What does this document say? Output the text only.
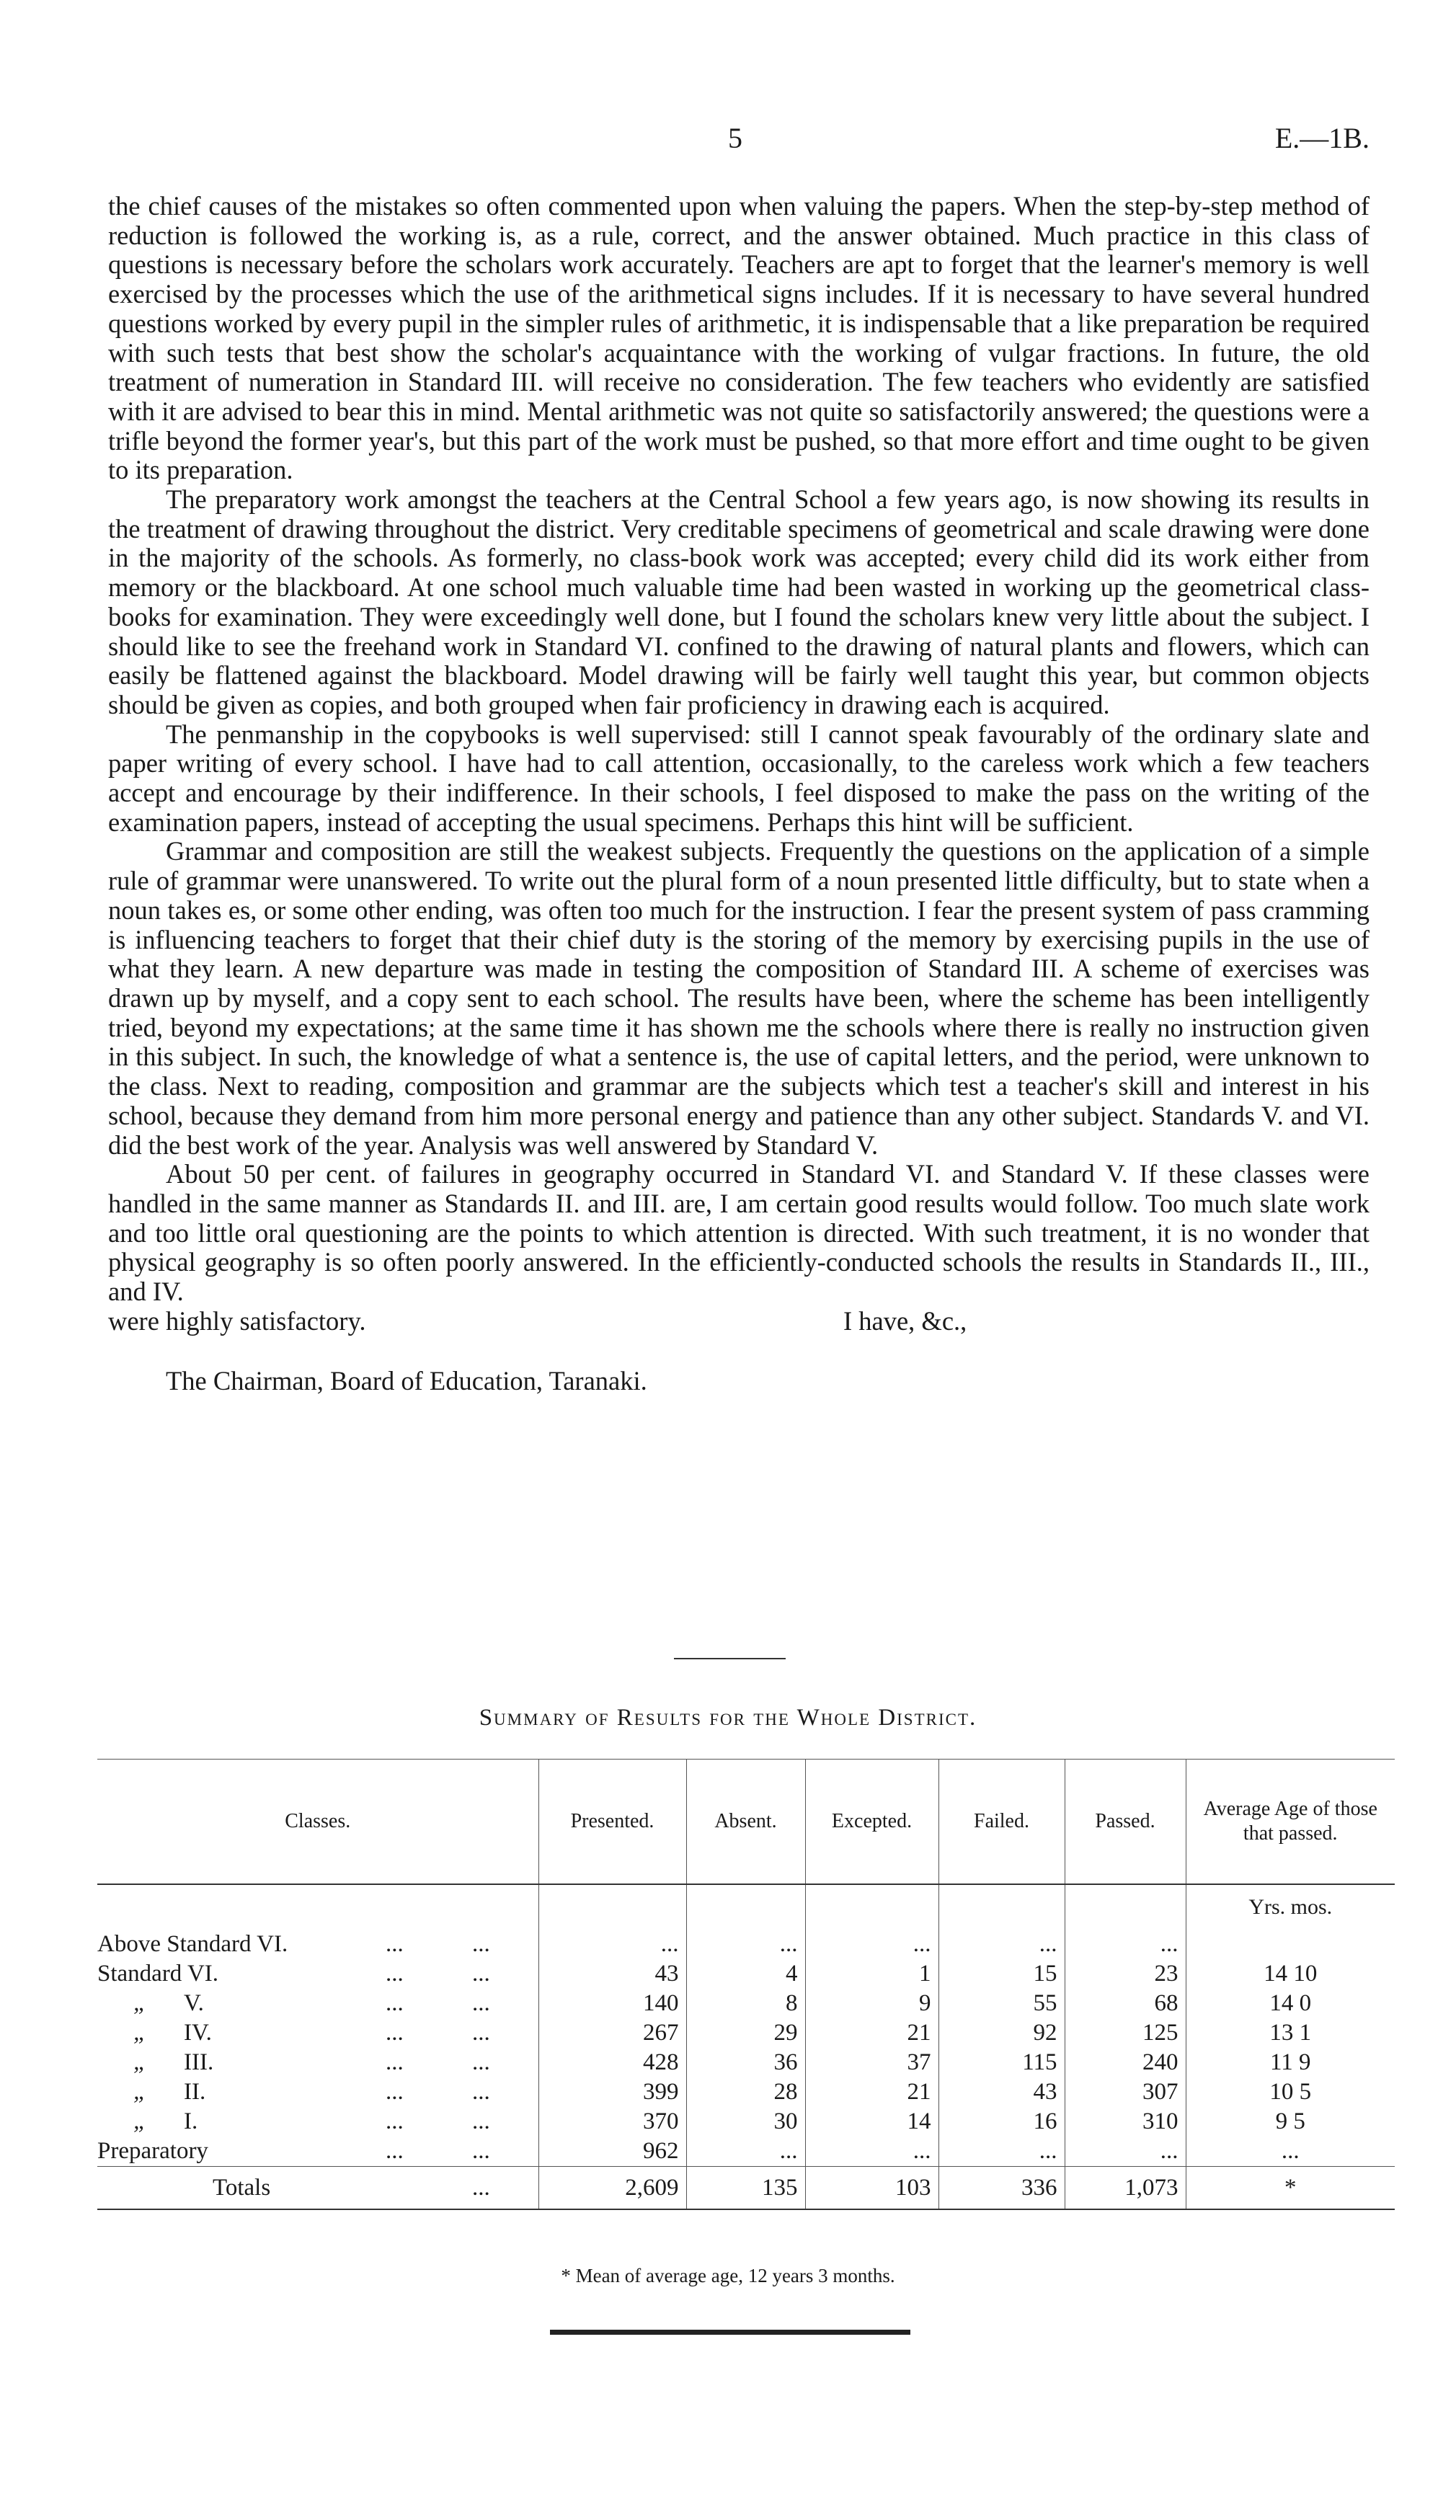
5	E.—1B.

the chief causes of the mistakes so often commented upon when valuing the papers. When the step-by-step method of reduction is followed the working is, as a rule, correct, and the answer obtained. Much practice in this class of questions is necessary before the scholars work accurately. Teachers are apt to forget that the learner's memory is well exercised by the processes which the use of the arithmetical signs includes. If it is necessary to have several hundred questions worked by every pupil in the simpler rules of arithmetic, it is indispensable that a like preparation be required with such tests that best show the scholar's acquaintance with the working of vulgar fractions. In future, the old treatment of numeration in Standard III. will receive no consideration. The few teachers who evidently are satisfied with it are advised to bear this in mind. Mental arithmetic was not quite so satisfactorily answered; the questions were a trifle beyond the former year's, but this part of the work must be pushed, so that more effort and time ought to be given to its preparation.

The preparatory work amongst the teachers at the Central School a few years ago, is now showing its results in the treatment of drawing throughout the district. Very creditable specimens of geometrical and scale drawing were done in the majority of the schools. As formerly, no class-book work was accepted; every child did its work either from memory or the blackboard. At one school much valuable time had been wasted in working up the geometrical class-books for examination. They were exceedingly well done, but I found the scholars knew very little about the subject. I should like to see the freehand work in Standard VI. confined to the drawing of natural plants and flowers, which can easily be flattened against the blackboard. Model drawing will be fairly well taught this year, but common objects should be given as copies, and both grouped when fair proficiency in drawing each is acquired.

The penmanship in the copybooks is well supervised: still I cannot speak favourably of the ordinary slate and paper writing of every school. I have had to call attention, occasionally, to the careless work which a few teachers accept and encourage by their indifference. In their schools, I feel disposed to make the pass on the writing of the examination papers, instead of accepting the usual specimens. Perhaps this hint will be sufficient.

Grammar and composition are still the weakest subjects. Frequently the questions on the application of a simple rule of grammar were unanswered. To write out the plural form of a noun presented little difficulty, but to state when a noun takes es, or some other ending, was often too much for the instruction. I fear the present system of pass cramming is influencing teachers to forget that their chief duty is the storing of the memory by exercising pupils in the use of what they learn. A new departure was made in testing the composition of Standard III. A scheme of exercises was drawn up by myself, and a copy sent to each school. The results have been, where the scheme has been intelligently tried, beyond my expectations; at the same time it has shown me the schools where there is really no instruction given in this subject. In such, the knowledge of what a sentence is, the use of capital letters, and the period, were unknown to the class. Next to reading, composition and grammar are the subjects which test a teacher's skill and interest in his school, because they demand from him more personal energy and patience than any other subject. Standards V. and VI. did the best work of the year. Analysis was well answered by Standard V.

About 50 per cent. of failures in geography occurred in Standard VI. and Standard V. If these classes were handled in the same manner as Standards II. and III. are, I am certain good results would follow. Too much slate work and too little oral questioning are the points to which attention is directed. With such treatment, it is no wonder that physical geography is so often poorly answered. In the efficiently-conducted schools the results in Standards II., III., and IV.

were highly satisfactory.	I have, &c.,
The Chairman, Board of Education, Taranaki.
Summary of Results for the Whole District.
Classes.	Presented.	Absent.	Excepted.	Failed.	Passed.	Average Age of those that passed.
						Yrs. mos.
Above Standard VI. ... ...	...	...	...	...	...	
Standard VI. ... ...	43	4	1	15	23	14 10
„ V. ... ...	140	8	9	55	68	14 0
„ IV. ... ...	267	29	21	92	125	13 1
„ III. ... ...	428	36	37	115	240	11 9
„ II. ... ...	399	28	21	43	307	10 5
„ I. ... ...	370	30	14	16	310	9 5
Preparatory ... ...	962	...	...	...	...	...
Totals ...	2,609	135	103	336	1,073	*
* Mean of average age, 12 years 3 months.
